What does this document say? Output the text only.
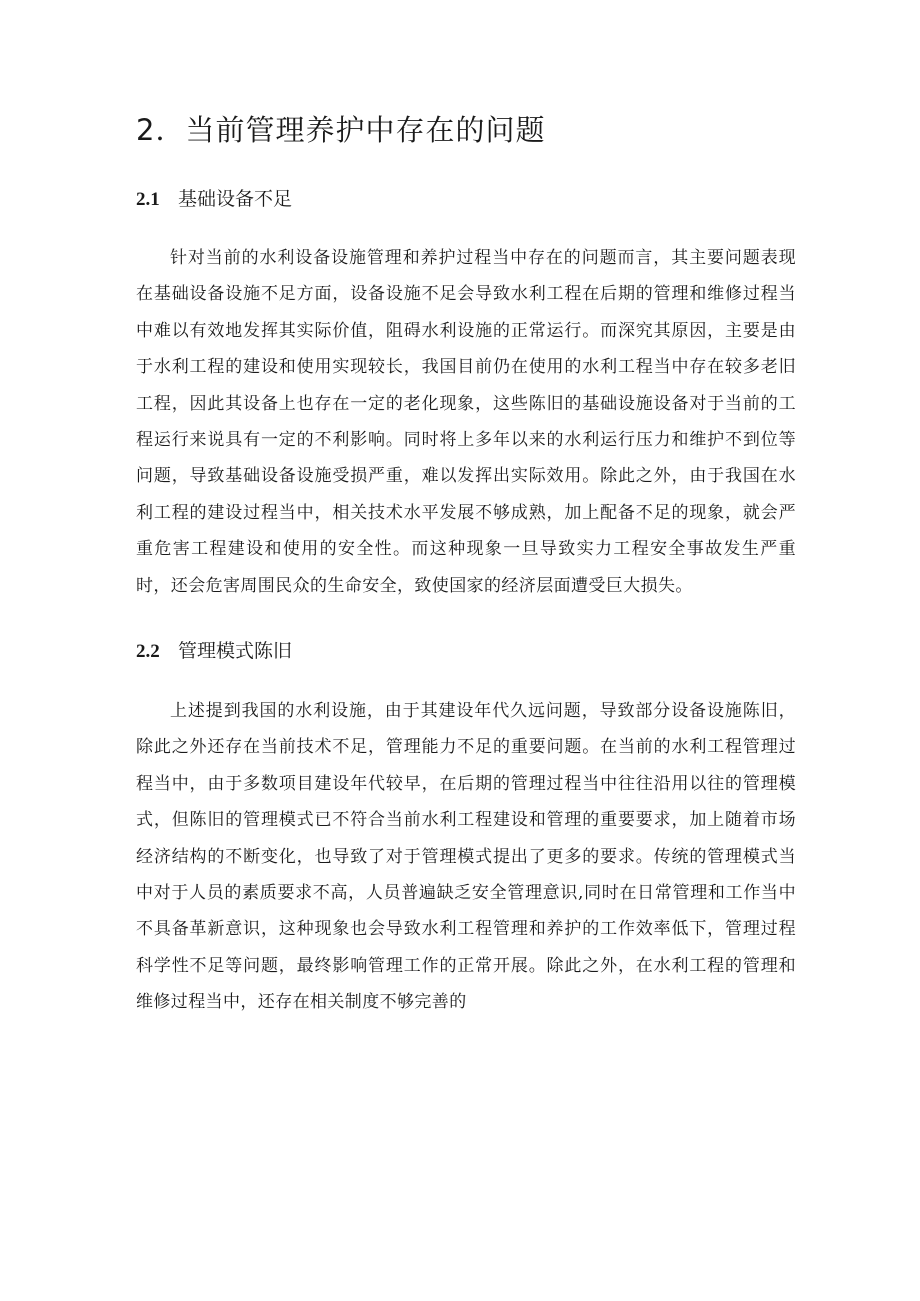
2．当前管理养护中存在的问题
2.1 基础设备不足

针对当前的水利设备设施管理和养护过程当中存在的问题而言，其主要问题表现在基础设备设施不足方面，设备设施不足会导致水利工程在后期的管理和维修过程当中难以有效地发挥其实际价值，阻碍水利设施的正常运行。而深究其原因，主要是由于水利工程的建设和使用实现较长，我国目前仍在使用的水利工程当中存在较多老旧工程，因此其设备上也存在一定的老化现象，这些陈旧的基础设施设备对于当前的工程运行来说具有一定的不利影响。同时将上多年以来的水利运行压力和维护不到位等问题，导致基础设备设施受损严重，难以发挥出实际效用。除此之外，由于我国在水利工程的建设过程当中，相关技术水平发展不够成熟，加上配备不足的现象，就会严重危害工程建设和使用的安全性。而这种现象一旦导致实力工程安全事故发生严重时，还会危害周围民众的生命安全，致使国家的经济层面遭受巨大损失。

2.2 管理模式陈旧

上述提到我国的水利设施，由于其建设年代久远问题，导致部分设备设施陈旧，除此之外还存在当前技术不足，管理能力不足的重要问题。在当前的水利工程管理过程当中，由于多数项目建设年代较早，在后期的管理过程当中往往沿用以往的管理模式，但陈旧的管理模式已不符合当前水利工程建设和管理的重要要求，加上随着市场经济结构的不断变化，也导致了对于管理模式提出了更多的要求。传统的管理模式当中对于人员的素质要求不高，人员普遍缺乏安全管理意识,同时在日常管理和工作当中不具备革新意识，这种现象也会导致水利工程管理和养护的工作效率低下，管理过程科学性不足等问题，最终影响管理工作的正常开展。除此之外，在水利工程的管理和维修过程当中，还存在相关制度不够完善的
